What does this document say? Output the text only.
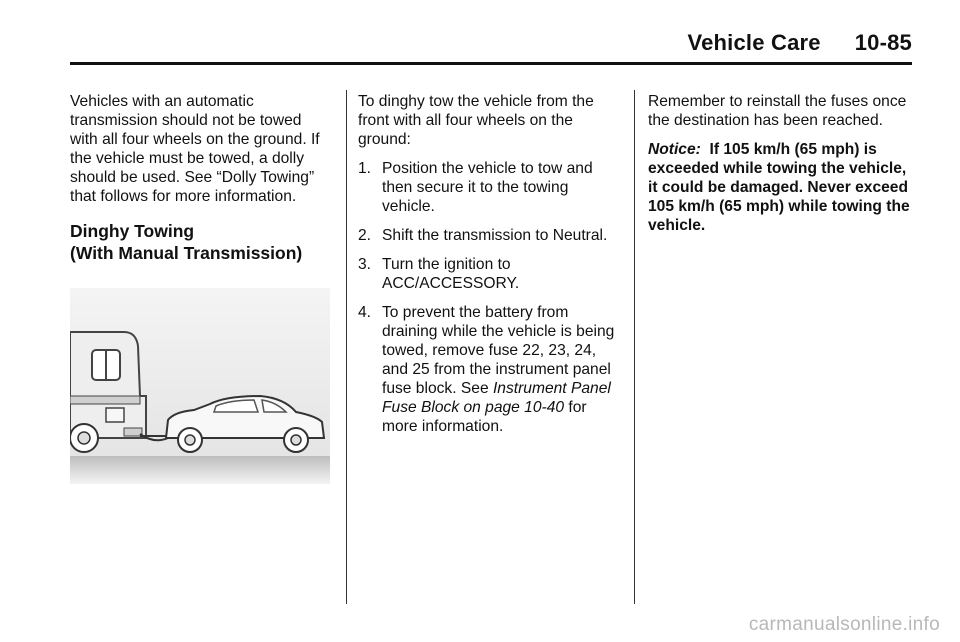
Vehicle Care 10-85

Vehicles with an automatic transmission should not be towed with all four wheels on the ground. If the vehicle must be towed, a dolly should be used. See “Dolly Towing” that follows for more information.

Dinghy Towing
(With Manual Transmission)

To dinghy tow the vehicle from the front with all four wheels on the ground:

1. Position the vehicle to tow and then secure it to the towing vehicle.
2. Shift the transmission to Neutral.
3. Turn the ignition to ACC/ACCESSORY.
4. To prevent the battery from draining while the vehicle is being towed, remove fuse 22, 23, 24, and 25 from the instrument panel fuse block. See Instrument Panel Fuse Block on page 10-40 for more information.

Remember to reinstall the fuses once the destination has been reached.

Notice: If 105 km/h (65 mph) is exceeded while towing the vehicle, it could be damaged. Never exceed 105 km/h (65 mph) while towing the vehicle.

carmanualsonline.info
